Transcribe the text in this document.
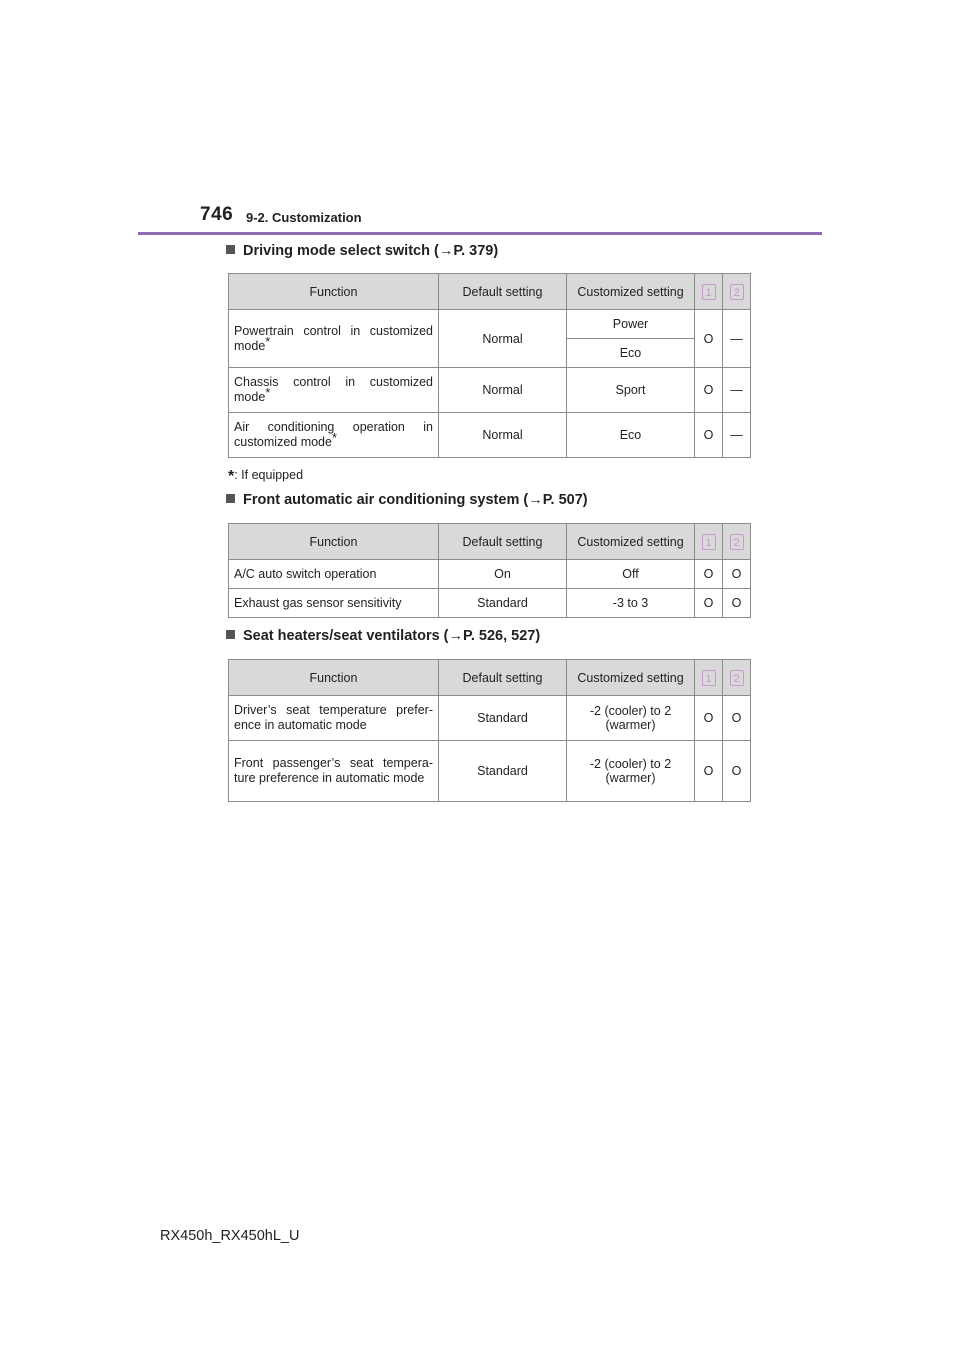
746 9-2. Customization
Driving mode select switch (→P. 379)
Function	Default setting	Customized setting	1	2
Powertrain control in customized mode*	Normal	Power	O	—
		Eco		
Chassis control in customized mode*	Normal	Sport	O	—
Air conditioning operation in customized mode*	Normal	Eco	O	—
*: If equipped
Front automatic air conditioning system (→P. 507)
Function	Default setting	Customized setting	1	2
A/C auto switch operation	On	Off	O	O
Exhaust gas sensor sensitivity	Standard	-3 to 3	O	O
Seat heaters/seat ventilators (→P. 526, 527)
Function	Default setting	Customized setting	1	2
Driver’s seat temperature prefer- ence in automatic mode	Standard	-2 (cooler) to 2 (warmer)	O	O
Front passenger’s seat tempera- ture preference in automatic mode	Standard	-2 (cooler) to 2 (warmer)	O	O
RX450h_RX450hL_U
